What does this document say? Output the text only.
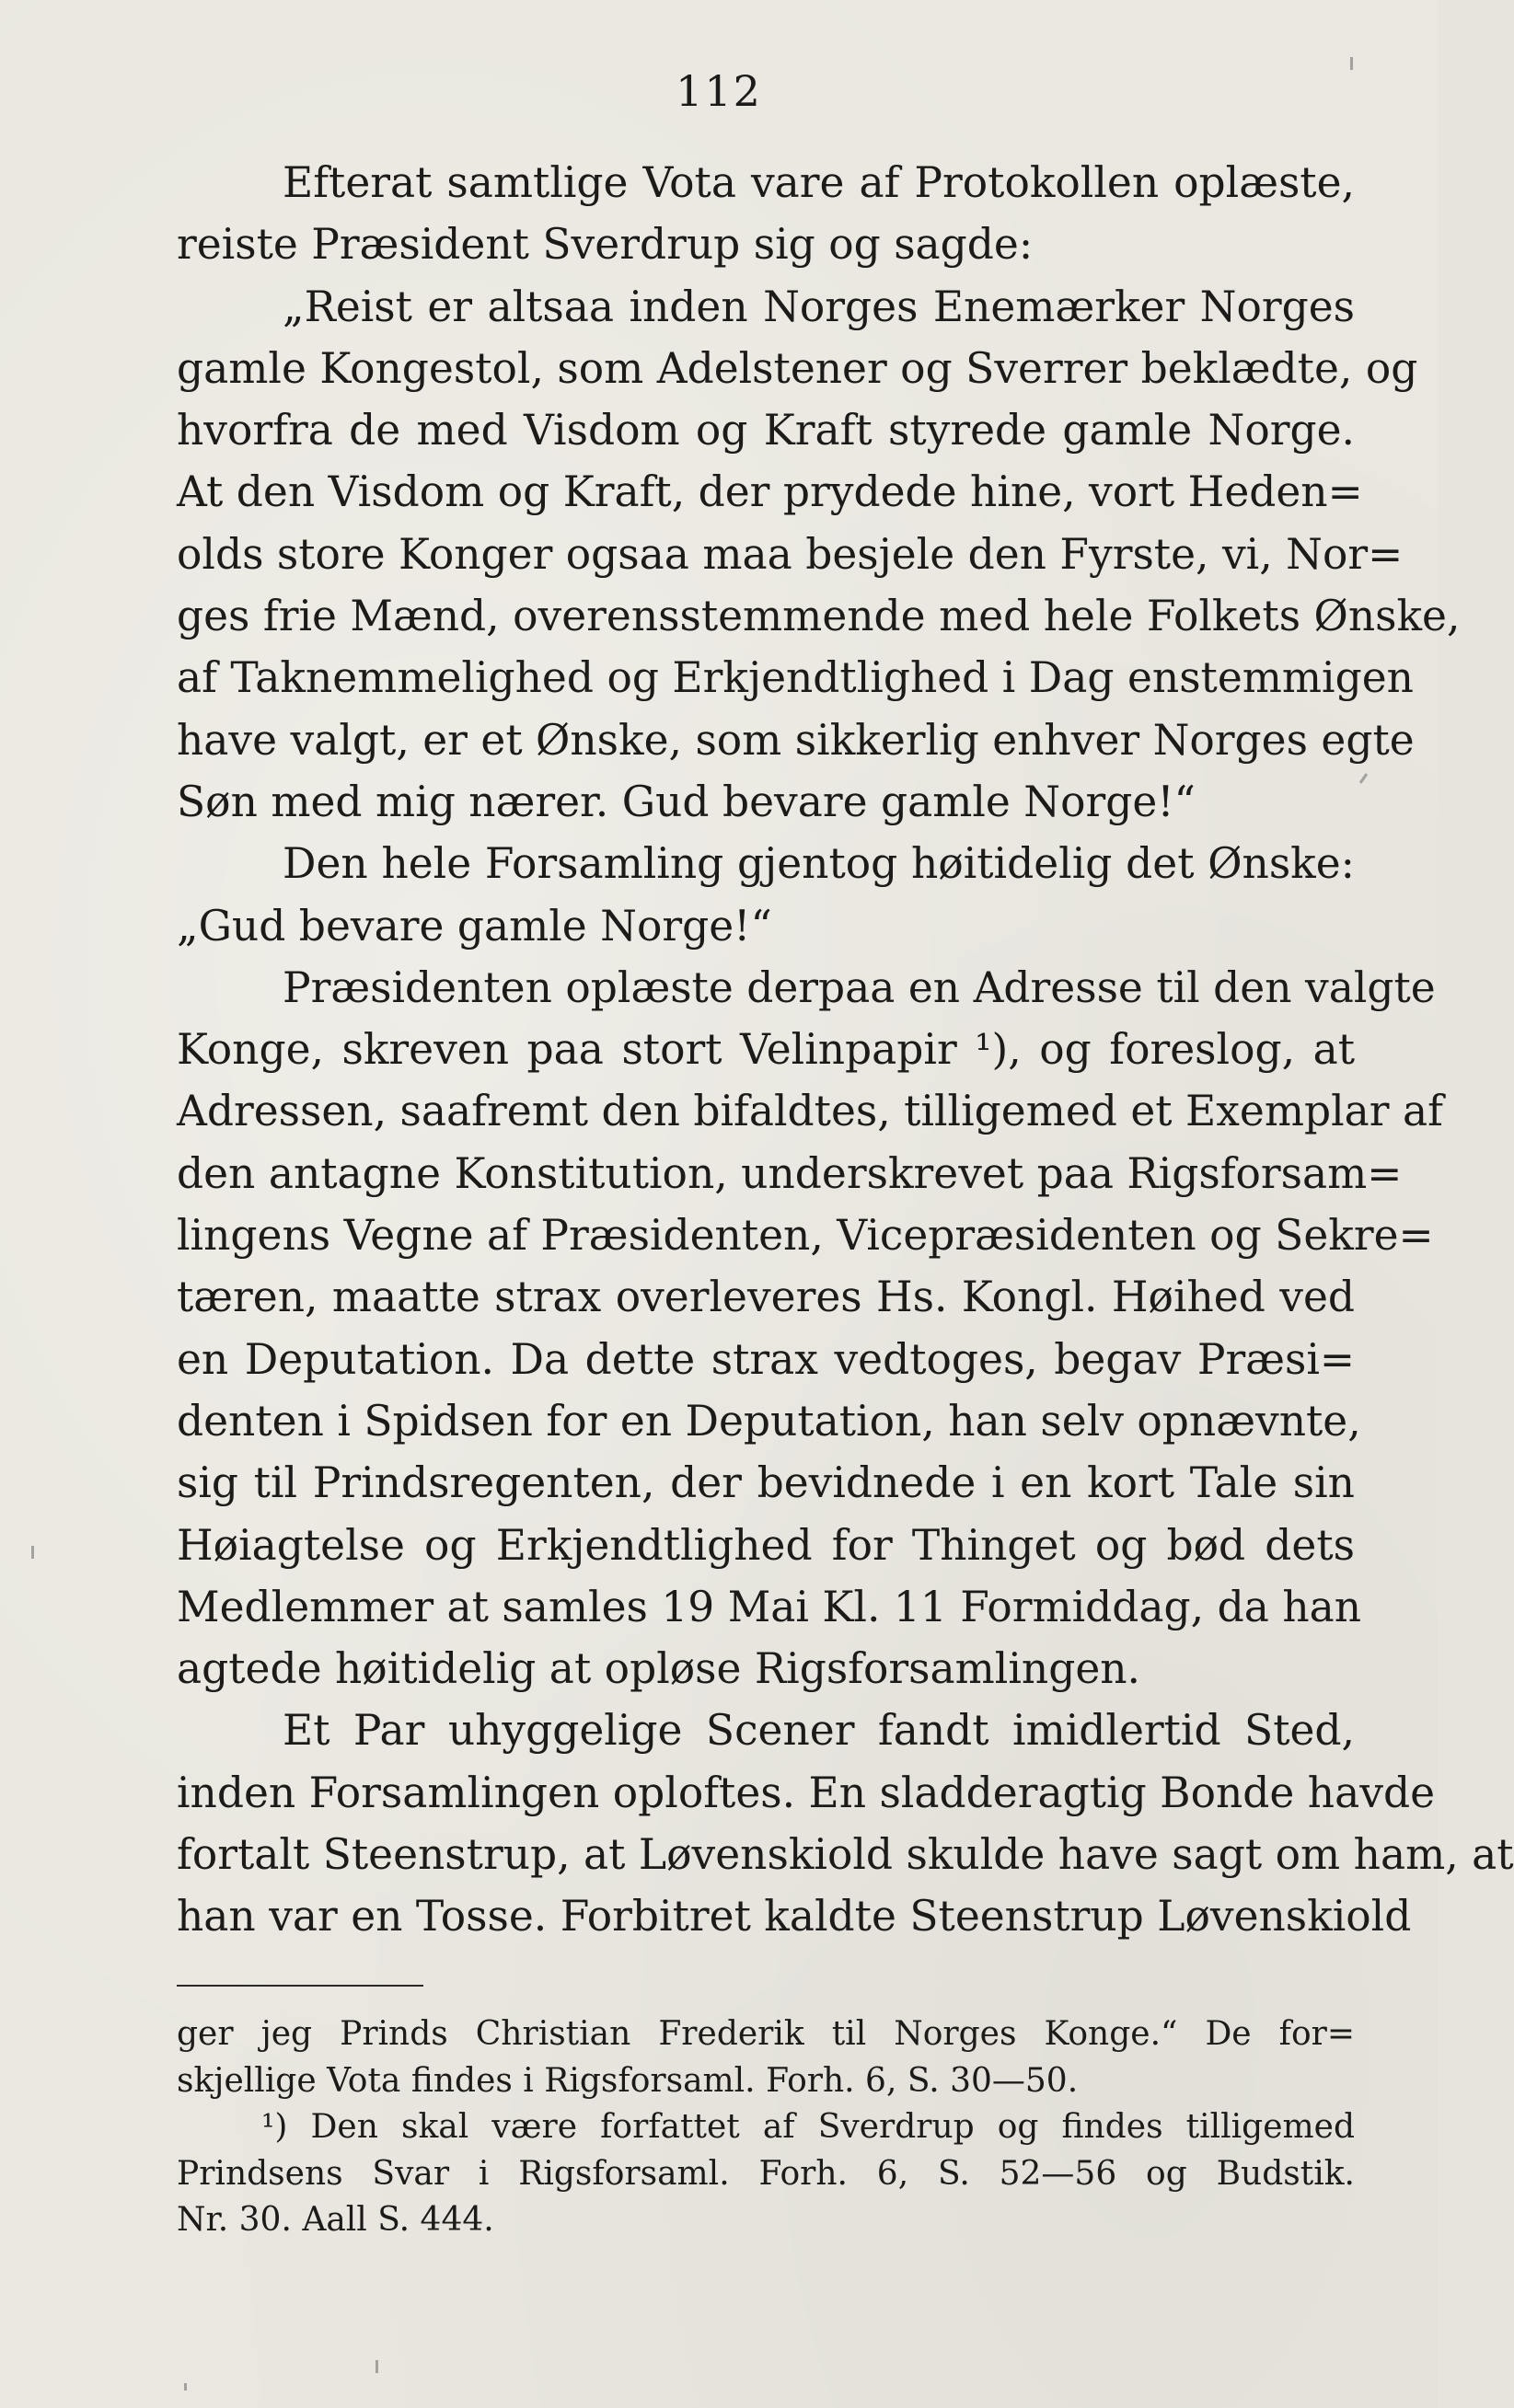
112
Efterat samtlige Vota vare af Protokollen oplæste,
reiste Præsident Sverdrup sig og sagde:
„Reist er altsaa inden Norges Enemærker Norges
gamle Kongestol, som Adelstener og Sverrer beklædte, og
hvorfra de med Visdom og Kraft styrede gamle Norge.
At den Visdom og Kraft, der prydede hine, vort Heden=
olds store Konger ogsaa maa besjele den Fyrste, vi, Nor=
ges frie Mænd, overensstemmende med hele Folkets Ønske,
af Taknemmelighed og Erkjendtlighed i Dag enstemmigen
have valgt, er et Ønske, som sikkerlig enhver Norges egte
Søn med mig nærer. Gud bevare gamle Norge!“
Den hele Forsamling gjentog høitidelig det Ønske:
„Gud bevare gamle Norge!“
Præsidenten oplæste derpaa en Adresse til den valgte
Konge, skreven paa stort Velinpapir ¹), og foreslog, at
Adressen, saafremt den bifaldtes, tilligemed et Exemplar af
den antagne Konstitution, underskrevet paa Rigsforsam=
lingens Vegne af Præsidenten, Vicepræsidenten og Sekre=
tæren, maatte strax overleveres Hs. Kongl. Høihed ved
en Deputation. Da dette strax vedtoges, begav Præsi=
denten i Spidsen for en Deputation, han selv opnævnte,
sig til Prindsregenten, der bevidnede i en kort Tale sin
Høiagtelse og Erkjendtlighed for Thinget og bød dets
Medlemmer at samles 19 Mai Kl. 11 Formiddag, da han
agtede høitidelig at opløse Rigsforsamlingen.
Et Par uhyggelige Scener fandt imidlertid Sted,
inden Forsamlingen oploftes. En sladderagtig Bonde havde
fortalt Steenstrup, at Løvenskiold skulde have sagt om ham, at
han var en Tosse. Forbitret kaldte Steenstrup Løvenskiold
ger jeg Prinds Christian Frederik til Norges Konge.“ De for=
skjellige Vota findes i Rigsforsaml. Forh. 6, S. 30—50.
¹) Den skal være forfattet af Sverdrup og findes tilligemed
Prindsens Svar i Rigsforsaml. Forh. 6, S. 52—56 og Budstik.
Nr. 30. Aall S. 444.
